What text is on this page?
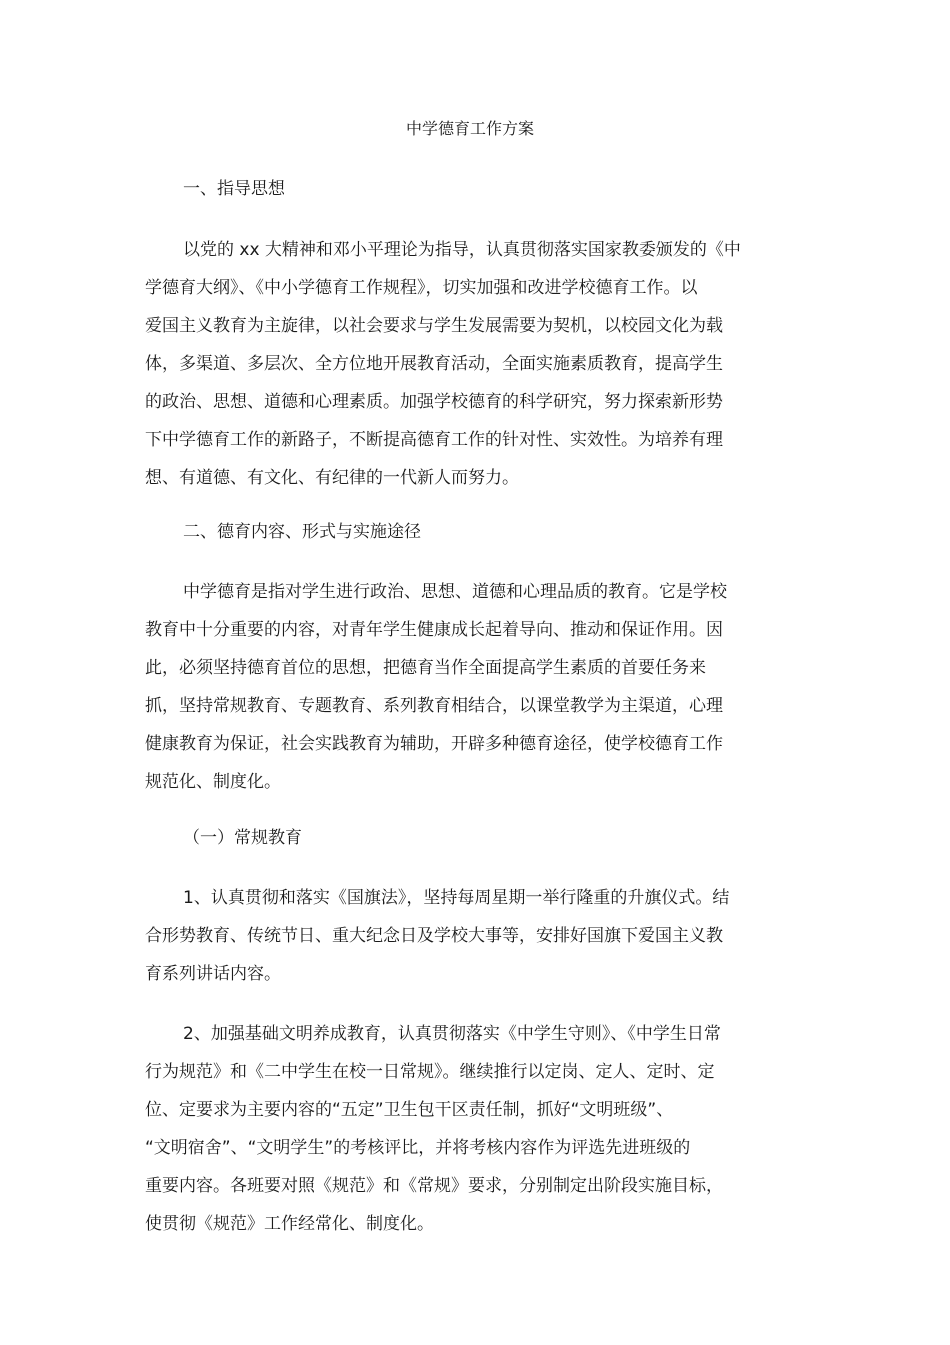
中学德育工作方案
一、指导思想
以党的 xx 大精神和邓小平理论为指导，认真贯彻落实国家教委颁发的《中
学德育大纲》、《中小学德育工作规程》，切实加强和改进学校德育工作。以
爱国主义教育为主旋律，以社会要求与学生发展需要为契机，以校园文化为载
体，多渠道、多层次、全方位地开展教育活动，全面实施素质教育，提高学生
的政治、思想、道德和心理素质。加强学校德育的科学研究，努力探索新形势
下中学德育工作的新路子，不断提高德育工作的针对性、实效性。为培养有理
想、有道德、有文化、有纪律的一代新人而努力。
二、德育内容、形式与实施途径
中学德育是指对学生进行政治、思想、道德和心理品质的教育。它是学校
教育中十分重要的内容，对青年学生健康成长起着导向、推动和保证作用。因
此，必须坚持德育首位的思想，把德育当作全面提高学生素质的首要任务来
抓，坚持常规教育、专题教育、系列教育相结合，以课堂教学为主渠道，心理
健康教育为保证，社会实践教育为辅助，开辟多种德育途径，使学校德育工作
规范化、制度化。
（一）常规教育
1、认真贯彻和落实《国旗法》，坚持每周星期一举行隆重的升旗仪式。结
合形势教育、传统节日、重大纪念日及学校大事等，安排好国旗下爱国主义教
育系列讲话内容。
2、加强基础文明养成教育，认真贯彻落实《中学生守则》、《中学生日常
行为规范》和《二中学生在校一日常规》。继续推行以定岗、定人、定时、定
位、定要求为主要内容的“五定”卫生包干区责任制，抓好“文明班级”、
“文明宿舍”、“文明学生”的考核评比，并将考核内容作为评选先进班级的
重要内容。各班要对照《规范》和《常规》要求，分别制定出阶段实施目标，
使贯彻《规范》工作经常化、制度化。
